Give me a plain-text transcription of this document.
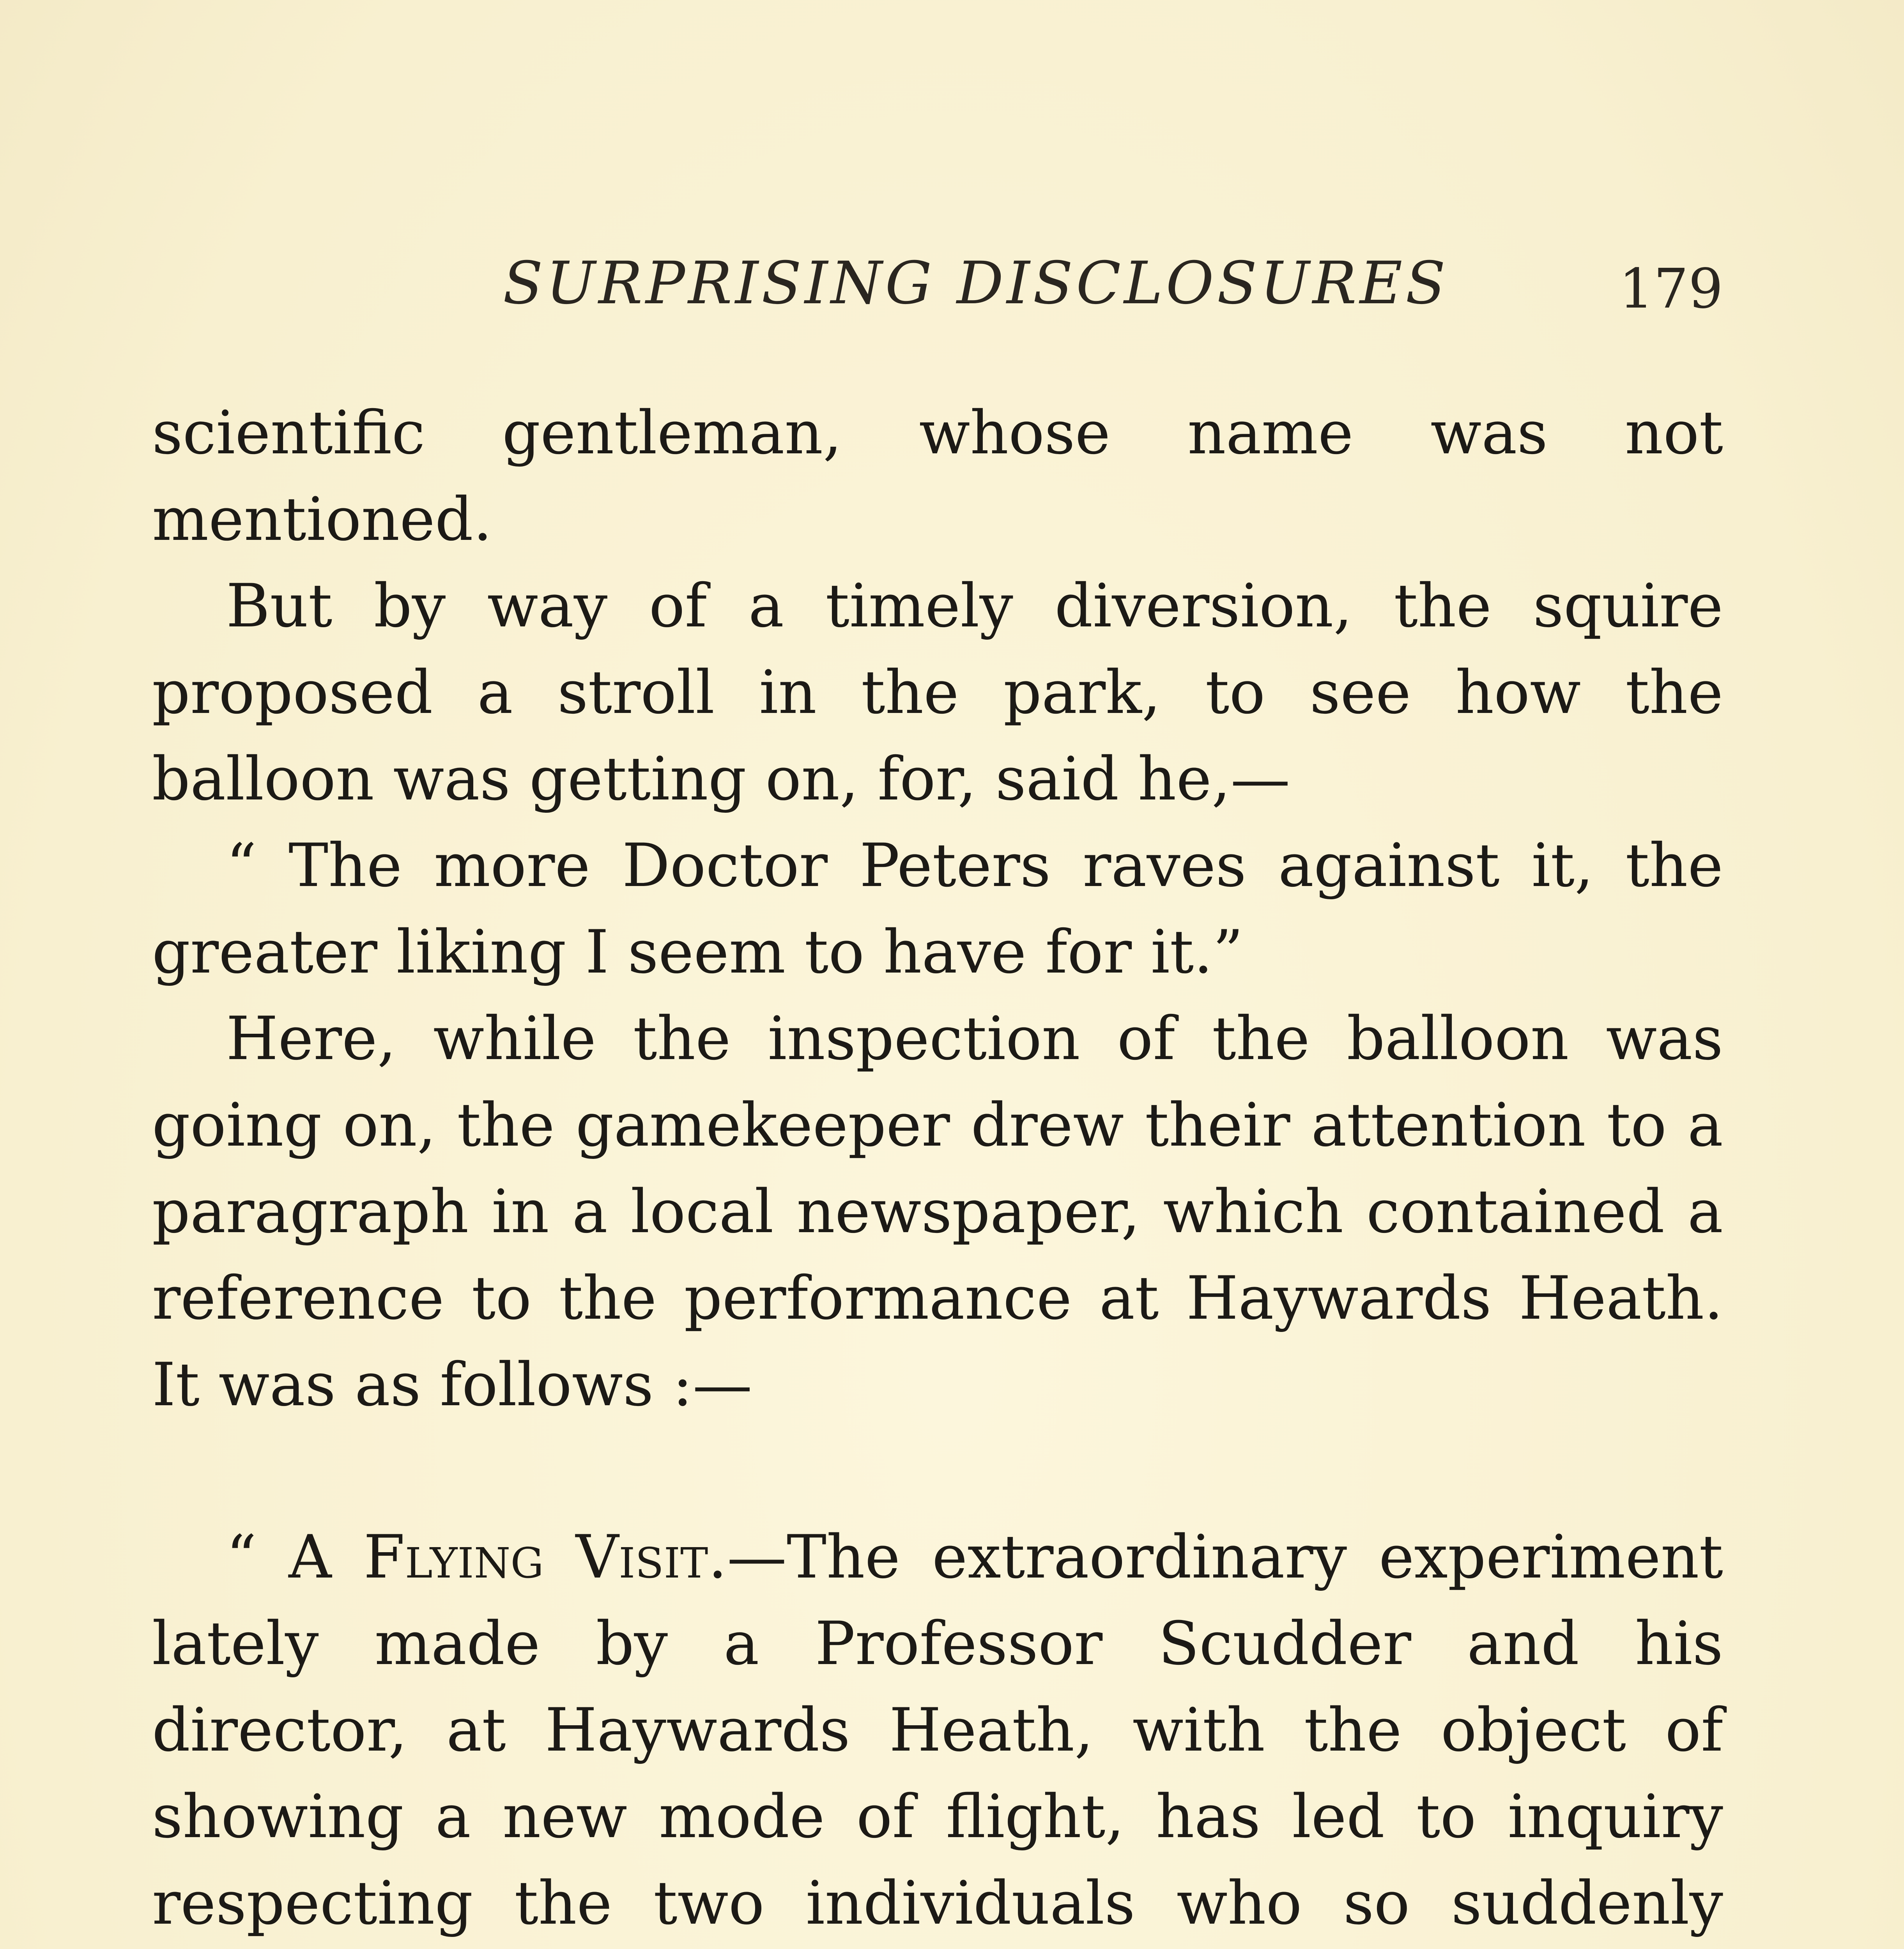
SURPRISING DISCLOSURES	179

scientific gentleman, whose name was not mentioned.

But by way of a timely diversion, the squire proposed a stroll in the park, to see how the balloon was getting on, for, said he,—

“ The more Doctor Peters raves against it, the greater liking I seem to have for it.”

Here, while the inspection of the balloon was going on, the gamekeeper drew their attention to a paragraph in a local newspaper, which contained a reference to the performance at Haywards Heath. It was as follows :—

“ A Flying Visit.—The extraordinary experiment lately made by a Professor Scudder and his director, at Haywards Heath, with the object of showing a new mode of flight, has led to inquiry respecting the two individuals who so suddenly
